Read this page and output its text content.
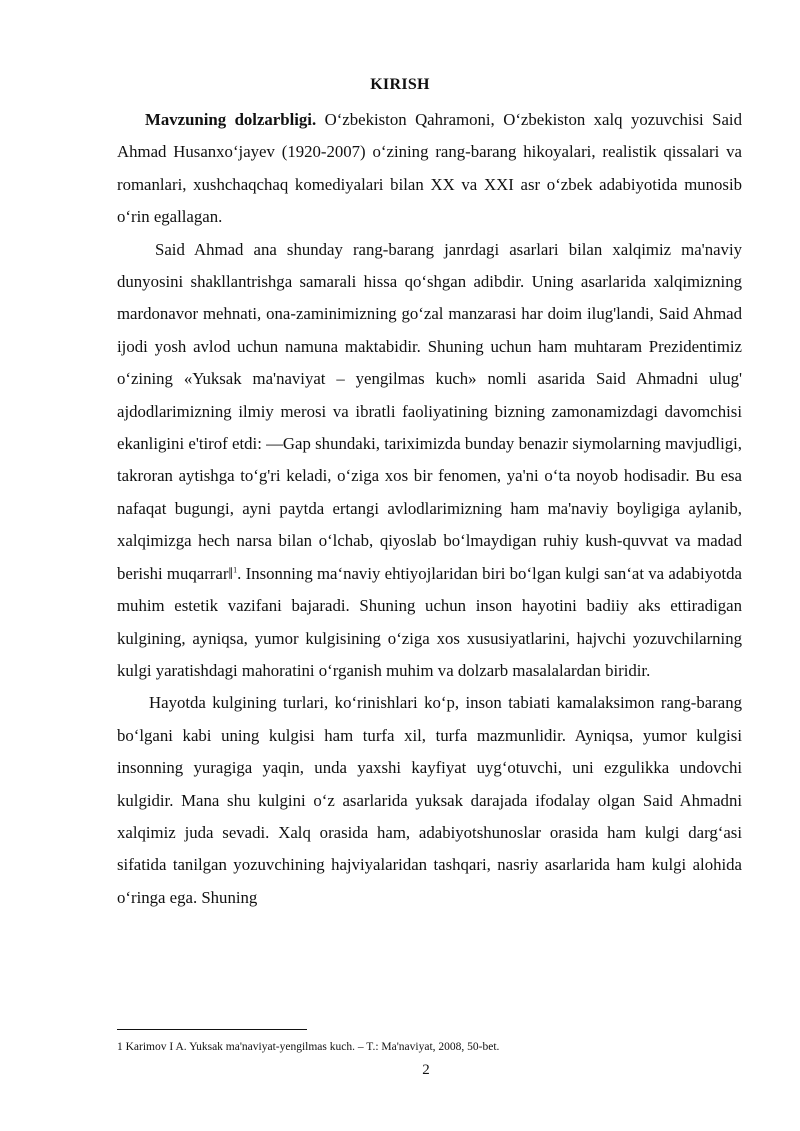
KIRISH

Mavzuning dolzarbligi. O‘zbekiston Qahramoni, O‘zbekiston xalq yozuvchisi Said Ahmad Husanxo‘jayev (1920-2007) o‘zining rang-barang hikoyalari, realistik qissalari va romanlari, xushchaqchaq komediyalari bilan XX va XXI asr o‘zbek adabiyotida munosib o‘rin egallagan.

Said Ahmad ana shunday rang-barang janrdagi asarlari bilan xalqimiz ma'naviy dunyosini shakllantrishga samarali hissa qo‘shgan adibdir. Uning asarlarida xalqimizning mardonavor mehnati, ona-zaminimizning go‘zal manzarasi har doim ilug'landi, Said Ahmad ijodi yosh avlod uchun namuna maktabidir. Shuning uchun ham muhtaram Prezidentimiz o‘zining «Yuksak ma'naviyat – yengilmas kuch» nomli asarida Said Ahmadni ulug' ajdodlarimizning ilmiy merosi va ibratli faoliyatining bizning zamonamizdagi davomchisi ekanligini e'tirof etdi: ―Gap shundaki, tariximizda bunday benazir siymolarning mavjudligi, takroran aytishga to‘g'ri keladi, o‘ziga xos bir fenomen, ya'ni o‘ta noyob hodisadir. Bu esa nafaqat bugungi, ayni paytda ertangi avlodlarimizning ham ma'naviy boyligiga aylanib, xalqimizga hech narsa bilan o‘lchab, qiyoslab bo‘lmaydigan ruhiy kush-quvvat va madad berishi muqarrar‖$^1$. Insonning ma‘naviy ehtiyojlaridan biri bo‘lgan kulgi san‘at va adabiyotda muhim estetik vazifani bajaradi. Shuning uchun inson hayotini badiiy aks ettiradigan kulgining, ayniqsa, yumor kulgisining o‘ziga xos xususiyatlarini, hajvchi yozuvchilarning kulgi yaratishdagi mahoratini o‘rganish muhim va dolzarb masalalardan biridir.

Hayotda kulgining turlari, ko‘rinishlari ko‘p, inson tabiati kamalaksimon rang-barang bo‘lgani kabi uning kulgisi ham turfa xil, turfa mazmunlidir. Ayniqsa, yumor kulgisi insonning yuragiga yaqin, unda yaxshi kayfiyat uyg‘otuvchi, uni ezgulikka undovchi kulgidir. Mana shu kulgini o‘z asarlarida yuksak darajada ifodalay olgan Said Ahmadni xalqimiz juda sevadi. Xalq orasida ham, adabiyotshunoslar orasida ham kulgi darg‘asi sifatida tanilgan yozuvchining hajviyalaridan tashqari, nasriy asarlarida ham kulgi alohida o‘ringa ega. Shuning

1 Karimov I A. Yuksak ma'naviyat-yengilmas kuch. – T.: Ma'naviyat, 2008, 50-bet.
2
